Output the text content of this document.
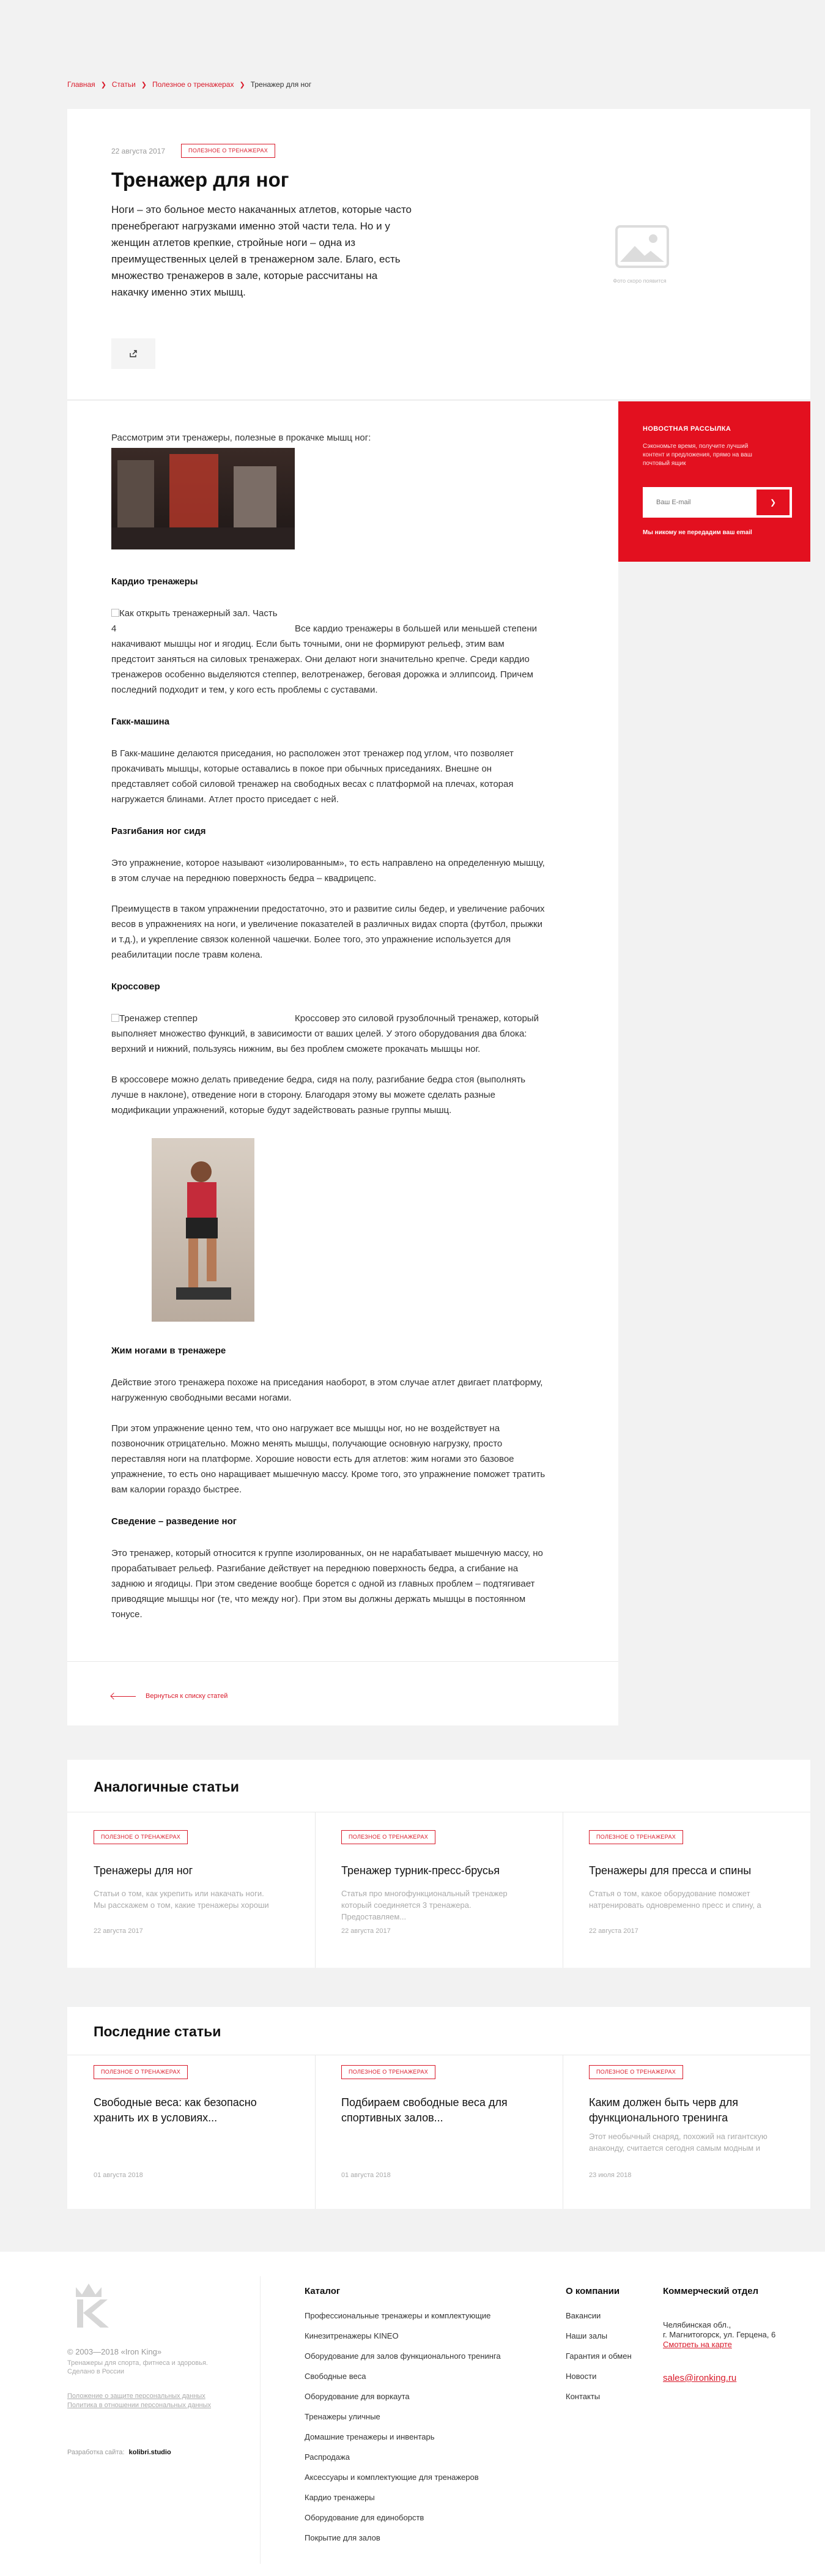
Главная ❯ Статьи ❯ Полезное о тренажерах ❯ Тренажер для ног
22 августа 2017	ПОЛЕЗНОЕ О ТРЕНАЖЕРАХ
Тренажер для ног
Ноги – это больное место накачанных атлетов, которые часто
пренебрегают нагрузками именно этой части тела. Но и у
женщин атлетов крепкие, стройные ноги – одна из
преимущественных целей в тренажерном зале. Благо, есть
множество тренажеров в зале, которые рассчитаны на
накачку именно этих мышц.
Фото скоро появится
НОВОСТНАЯ РАССЫЛКА
Сэкономьте время, получите лучший
контент и предложения, прямо на ваш
почтовый ящик
Ваш E-mail
❯
Мы никому не передадим ваш email

Рассмотрим эти тренажеры, полезные в прокачке мышц ног:

Кардио тренажеры

Как открыть тренажерный зал. Часть
4	Все кардио тренажеры в большей или меньшей степени
накачивают мышцы ног и ягодиц. Если быть точными, они не формируют рельеф, этим вам
предстоит заняться на силовых тренажерах. Они делают ноги значительно крепче. Среди кардио
тренажеров особенно выделяются степпер, велотренажер, беговая дорожка и эллипсоид. Причем
последний подходит и тем, у кого есть проблемы с суставами.

Гакк-машина

В Гакк-машине делаются приседания, но расположен этот тренажер под углом, что позволяет
прокачивать мышцы, которые оставались в покое при обычных приседаниях. Внешне он
представляет собой силовой тренажер на свободных весах с платформой на плечах, которая
нагружается блинами. Атлет просто приседает с ней.

Разгибания ног сидя

Это упражнение, которое называют «изолированным», то есть направлено на определенную мышцу,
в этом случае на переднюю поверхность бедра – квадрицепс.
Преимуществ в таком упражнении предостаточно, это и развитие силы бедер, и увеличение рабочих
весов в упражнениях на ноги, и увеличение показателей в различных видах спорта (футбол, прыжки
и т.д.), и укрепление связок коленной чашечки. Более того, это упражнение используется для
реабилитации после травм колена.

Кроссовер

Тренажер степпер	Кроссовер это силовой грузоблочный тренажер, который
выполняет множество функций, в зависимости от ваших целей. У этого оборудования два блока:
верхний и нижний, пользуясь нижним, вы без проблем сможете прокачать мышцы ног.
В кроссовере можно делать приведение бедра, сидя на полу, разгибание бедра стоя (выполнять
лучше в наклоне), отведение ноги в сторону. Благодаря этому вы можете сделать разные
модификации упражнений, которые будут задействовать разные группы мышц.

Жим ногами в тренажере

Действие этого тренажера похоже на приседания наоборот, в этом случае атлет двигает платформу,
нагруженную свободными весами ногами.
При этом упражнение ценно тем, что оно нагружает все мышцы ног, но не воздействует на
позвоночник отрицательно. Можно менять мышцы, получающие основную нагрузку, просто
переставляя ноги на платформе. Хорошие новости есть для атлетов: жим ногами это базовое
упражнение, то есть оно наращивает мышечную массу. Кроме того, это упражнение поможет тратить
вам калории гораздо быстрее.

Сведение – разведение ног

Это тренажер, который относится к группе изолированных, он не нарабатывает мышечную массу, но
прорабатывает рельеф. Разгибание действует на переднюю поверхность бедра, а сгибание на
заднюю и ягодицы. При этом сведение вообще борется с одной из главных проблем – подтягивает
приводящие мышцы ног (те, что между ног). При этом вы должны держать мышцы в постоянном
тонусе.
Вернуться к списку статей
Аналогичные статьи
ПОЛЕЗНОЕ О ТРЕНАЖЕРАХ
Тренажеры для ног
Статьи о том, как укрепить или накачать ноги.
Мы расскажем о том, какие тренажеры хороши
22 августа 2017
ПОЛЕЗНОЕ О ТРЕНАЖЕРАХ
Тренажер турник-пресс-брусья
Статья про многофункциональный тренажер
который соединяется 3 тренажера.
Предоставляем...
22 августа 2017
ПОЛЕЗНОЕ О ТРЕНАЖЕРАХ
Тренажеры для пресса и спины
Статья о том, какое оборудование поможет
натренировать одновременно пресс и спину, а
22 августа 2017
Последние статьи
ПОЛЕЗНОЕ О ТРЕНАЖЕРАХ
Свободные веса: как безопасно
хранить их в условиях...
01 августа 2018
ПОЛЕЗНОЕ О ТРЕНАЖЕРАХ
Подбираем свободные веса для
спортивных залов...
01 августа 2018
ПОЛЕЗНОЕ О ТРЕНАЖЕРАХ
Каким должен быть черв для
функционального тренинга
Этот необычный снаряд, похожий на гигантскую
анаконду, считается сегодня самым модным и
23 июля 2018
© 2003—2018 «Iron King»
Тренажеры для спорта, фитнеса и здоровья.
Сделано в России
Положение о защите персональных данных
Политика в отношении персональных данных
Разработка сайта: kolibri.studio
Каталог
Профессиональные тренажеры и комплектующие
Кинезитренажеры KINEO
Оборудование для залов функционального тренинга
Свободные веса
Оборудование для воркаута
Тренажеры уличные
Домашние тренажеры и инвентарь
Распродажа
Аксессуары и комплектующие для тренажеров
Кардио тренажеры
Оборудование для единоборств
Покрытие для залов
О компании
Вакансии
Наши залы
Гарантия и обмен
Новости
Контакты
Коммерческий отдел
Челябинская обл.,
г. Магнитогорск, ул. Герцена, 6
Смотреть на карте
sales@ironking.ru
